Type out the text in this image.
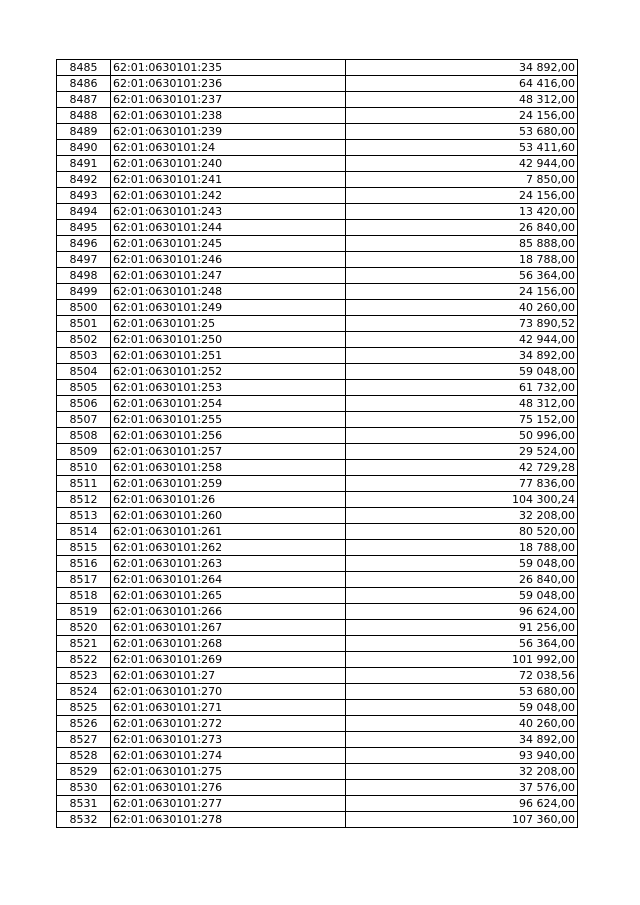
8485	62:01:0630101:235	34 892,00
8486	62:01:0630101:236	64 416,00
8487	62:01:0630101:237	48 312,00
8488	62:01:0630101:238	24 156,00
8489	62:01:0630101:239	53 680,00
8490	62:01:0630101:24	53 411,60
8491	62:01:0630101:240	42 944,00
8492	62:01:0630101:241	7 850,00
8493	62:01:0630101:242	24 156,00
8494	62:01:0630101:243	13 420,00
8495	62:01:0630101:244	26 840,00
8496	62:01:0630101:245	85 888,00
8497	62:01:0630101:246	18 788,00
8498	62:01:0630101:247	56 364,00
8499	62:01:0630101:248	24 156,00
8500	62:01:0630101:249	40 260,00
8501	62:01:0630101:25	73 890,52
8502	62:01:0630101:250	42 944,00
8503	62:01:0630101:251	34 892,00
8504	62:01:0630101:252	59 048,00
8505	62:01:0630101:253	61 732,00
8506	62:01:0630101:254	48 312,00
8507	62:01:0630101:255	75 152,00
8508	62:01:0630101:256	50 996,00
8509	62:01:0630101:257	29 524,00
8510	62:01:0630101:258	42 729,28
8511	62:01:0630101:259	77 836,00
8512	62:01:0630101:26	104 300,24
8513	62:01:0630101:260	32 208,00
8514	62:01:0630101:261	80 520,00
8515	62:01:0630101:262	18 788,00
8516	62:01:0630101:263	59 048,00
8517	62:01:0630101:264	26 840,00
8518	62:01:0630101:265	59 048,00
8519	62:01:0630101:266	96 624,00
8520	62:01:0630101:267	91 256,00
8521	62:01:0630101:268	56 364,00
8522	62:01:0630101:269	101 992,00
8523	62:01:0630101:27	72 038,56
8524	62:01:0630101:270	53 680,00
8525	62:01:0630101:271	59 048,00
8526	62:01:0630101:272	40 260,00
8527	62:01:0630101:273	34 892,00
8528	62:01:0630101:274	93 940,00
8529	62:01:0630101:275	32 208,00
8530	62:01:0630101:276	37 576,00
8531	62:01:0630101:277	96 624,00
8532	62:01:0630101:278	107 360,00
